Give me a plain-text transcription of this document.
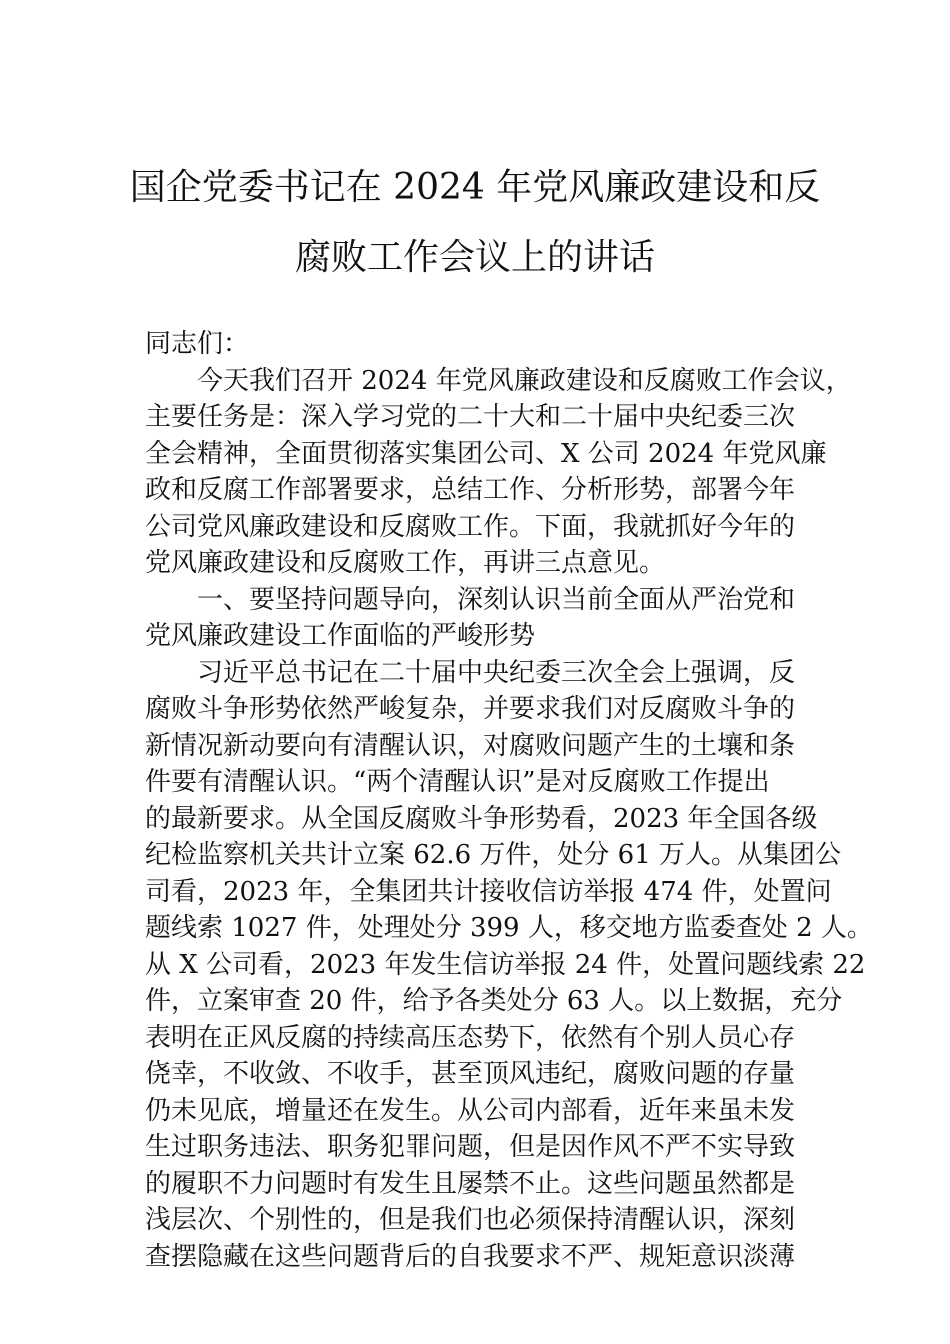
国企党委书记在 2024 年党风廉政建设和反
腐败工作会议上的讲话
同志们：
今天我们召开 2024 年党风廉政建设和反腐败工作会议，
主要任务是：深入学习党的二十大和二十届中央纪委三次
全会精神，全面贯彻落实集团公司、X 公司 2024 年党风廉
政和反腐工作部署要求，总结工作、分析形势，部署今年
公司党风廉政建设和反腐败工作。下面，我就抓好今年的
党风廉政建设和反腐败工作，再讲三点意见。
一、要坚持问题导向，深刻认识当前全面从严治党和
党风廉政建设工作面临的严峻形势
习近平总书记在二十届中央纪委三次全会上强调，反
腐败斗争形势依然严峻复杂，并要求我们对反腐败斗争的
新情况新动要向有清醒认识，对腐败问题产生的土壤和条
件要有清醒认识。“两个清醒认识”是对反腐败工作提出
的最新要求。从全国反腐败斗争形势看，2023 年全国各级
纪检监察机关共计立案 62.6 万件，处分 61 万人。从集团公
司看，2023 年，全集团共计接收信访举报 474 件，处置问
题线索 1027 件，处理处分 399 人，移交地方监委查处 2 人。
从 X 公司看，2023 年发生信访举报 24 件，处置问题线索 22
件，立案审查 20 件，给予各类处分 63 人。以上数据，充分
表明在正风反腐的持续高压态势下，依然有个别人员心存
侥幸，不收敛、不收手，甚至顶风违纪，腐败问题的存量
仍未见底，增量还在发生。从公司内部看，近年来虽未发
生过职务违法、职务犯罪问题，但是因作风不严不实导致
的履职不力问题时有发生且屡禁不止。这些问题虽然都是
浅层次、个别性的，但是我们也必须保持清醒认识，深刻
查摆隐藏在这些问题背后的自我要求不严、规矩意识淡薄
